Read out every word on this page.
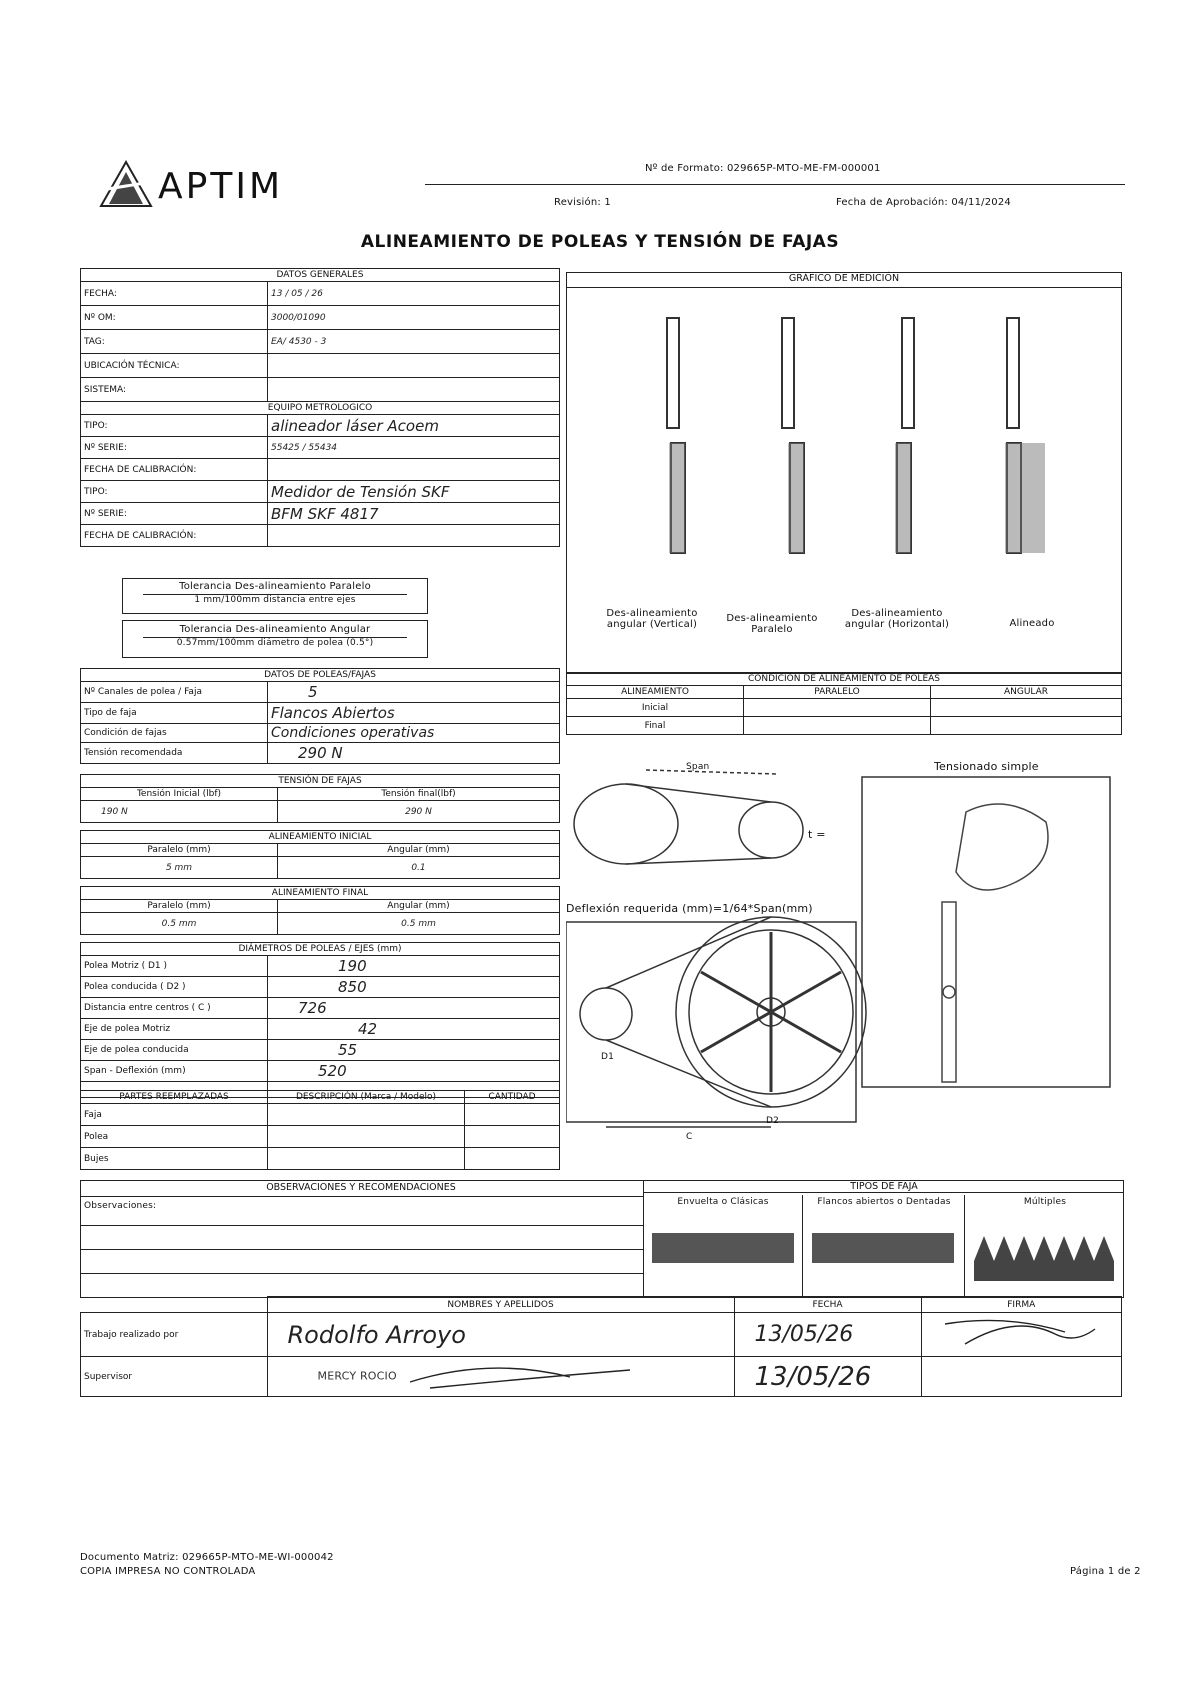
APTIM	Nº de Formato: 029665P-MTO-ME-FM-000001
Revisión: 1	Fecha de Aprobación: 04/11/2024
ALINEAMIENTO DE POLEAS Y TENSIÓN DE FAJAS
DATOS GENERALES	
FECHA:	13 / 05 / 26
Nº OM:	3000/01090
TAG:	EA/ 4530 - 3
UBICACIÓN TÉCNICA:	
SISTEMA:	
EQUIPO METROLOGICO	
TIPO:	alineador láser Acoem
Nº SERIE:	55425 / 55434
FECHA DE CALIBRACIÓN:	
TIPO:	Medidor de Tensión SKF
Nº SERIE:	BFM SKF 4817
FECHA DE CALIBRACIÓN:	
Tolerancia Des-alineamiento Paralelo
1 mm/100mm distancia entre ejes
Tolerancia Des-alineamiento Angular
0.57mm/100mm diámetro de polea (0.5°)
DATOS DE POLEAS/FAJAS	
Nº Canales de polea / Faja	5
Tipo de faja	Flancos Abiertos
Condición de fajas	Condiciones operativas
Tensión recomendada	290 N
TENSIÓN DE FAJAS	
Tensión Inicial (lbf)	Tensión final(lbf)
190 N	290 N
ALINEAMIENTO INICIAL	
Paralelo (mm)	Angular (mm)
5 mm	0.1
ALINEAMIENTO FINAL	
Paralelo (mm)	Angular (mm)
0.5 mm	0.5 mm
DIÁMETROS DE POLEAS / EJES (mm)	
Polea Motriz ( D1 )	190
Polea conducida ( D2 )	850
Distancia entre centros ( C )	726
Eje de polea Motriz	42
Eje de polea conducida	55
Span - Deflexión (mm)	520

PARTES REEMPLAZADAS	DESCRIPCIÓN (Marca / Modelo)	CANTIDAD
Faja		
Polea		
Bujes		
GRÁFICO DE MEDICIÓN
Des-alineamiento angular (Vertical)
Des-alineamiento Paralelo
Des-alineamiento angular (Horizontal)	Alineado
CONDICIÓN DE ALINEAMIENTO DE POLEAS		
ALINEAMIENTO	PARALELO	ANGULAR
Inicial		
Final		
Tensionado simple
t =
Deflexión requerida (mm)=1/64*Span(mm)
Span
D1
D2
C
OBSERVACIONES Y RECOMENDACIONES
Observaciones:
TIPOS DE FAJA
Envuelta o Clásicas	Flancos abiertos o Dentadas	Múltiples
	NOMBRES Y APELLIDOS	FECHA	FIRMA
Trabajo realizado por	Rodolfo Arroyo	13/05/26	
Supervisor	MERCY ROCIO	13/05/26	
Documento Matriz: 029665P-MTO-ME-WI-000042
COPIA IMPRESA NO CONTROLADA	Página 1 de 2
